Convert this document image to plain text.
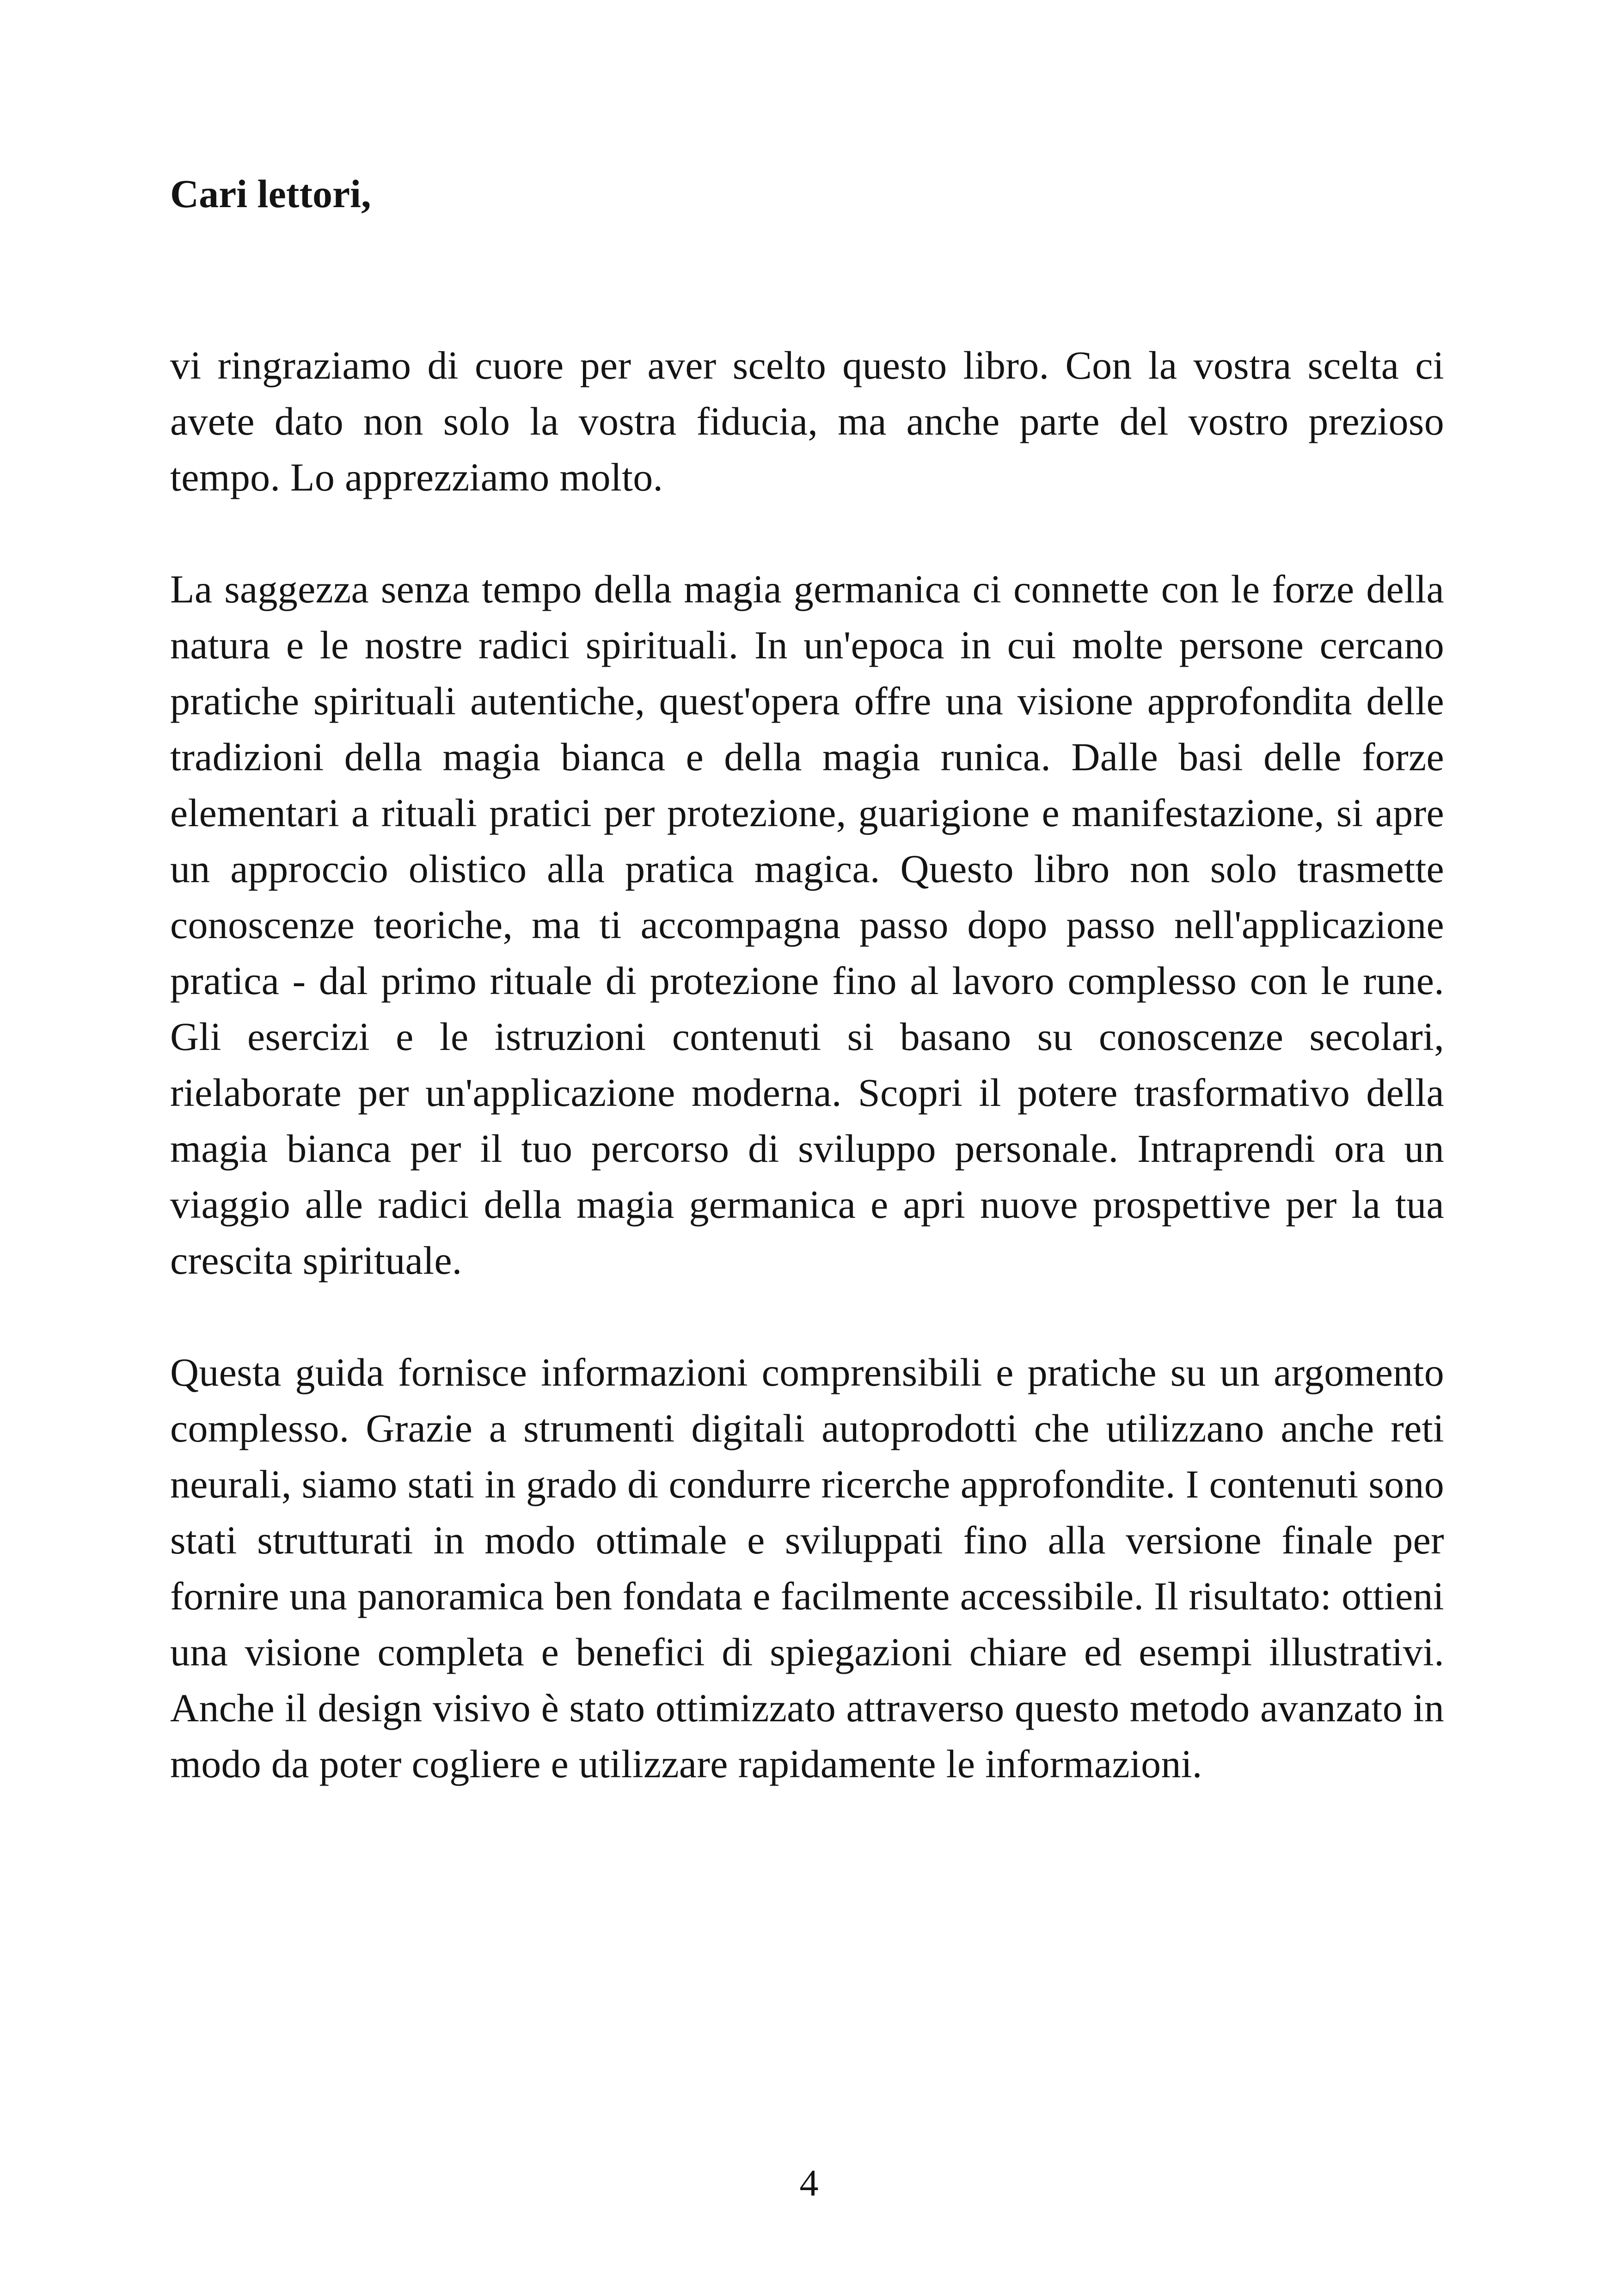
Cari lettori,

vi ringraziamo di cuore per aver scelto questo libro. Con la vostra scelta ci avete dato non solo la vostra fiducia, ma anche parte del vostro prezioso tempo. Lo apprezziamo molto.

La saggezza senza tempo della magia germanica ci connette con le forze della natura e le nostre radici spirituali. In un'epoca in cui molte persone cercano pratiche spirituali autentiche, quest'opera offre una visione approfondita delle tradizioni della magia bianca e della magia runica. Dalle basi delle forze elementari a rituali pratici per protezione, guarigione e manifestazione, si apre un approccio olistico alla pratica magica. Questo libro non solo trasmette conoscenze teoriche, ma ti accompagna passo dopo passo nell'applicazione pratica - dal primo rituale di protezione fino al lavoro complesso con le rune. Gli esercizi e le istruzioni contenuti si basano su conoscenze secolari, rielaborate per un'applicazione moderna. Scopri il potere trasformativo della magia bianca per il tuo percorso di sviluppo personale. Intraprendi ora un viaggio alle radici della magia germanica e apri nuove prospettive per la tua crescita spirituale.

Questa guida fornisce informazioni comprensibili e pratiche su un argomento complesso. Grazie a strumenti digitali autoprodotti che utilizzano anche reti neurali, siamo stati in grado di condurre ricerche approfondite. I contenuti sono stati strutturati in modo ottimale e sviluppati fino alla versione finale per fornire una panoramica ben fondata e facilmente accessibile. Il risultato: ottieni una visione completa e benefici di spiegazioni chiare ed esempi illustrativi. Anche il design visivo è stato ottimizzato attraverso questo metodo avanzato in modo da poter cogliere e utilizzare rapidamente le informazioni.

4
